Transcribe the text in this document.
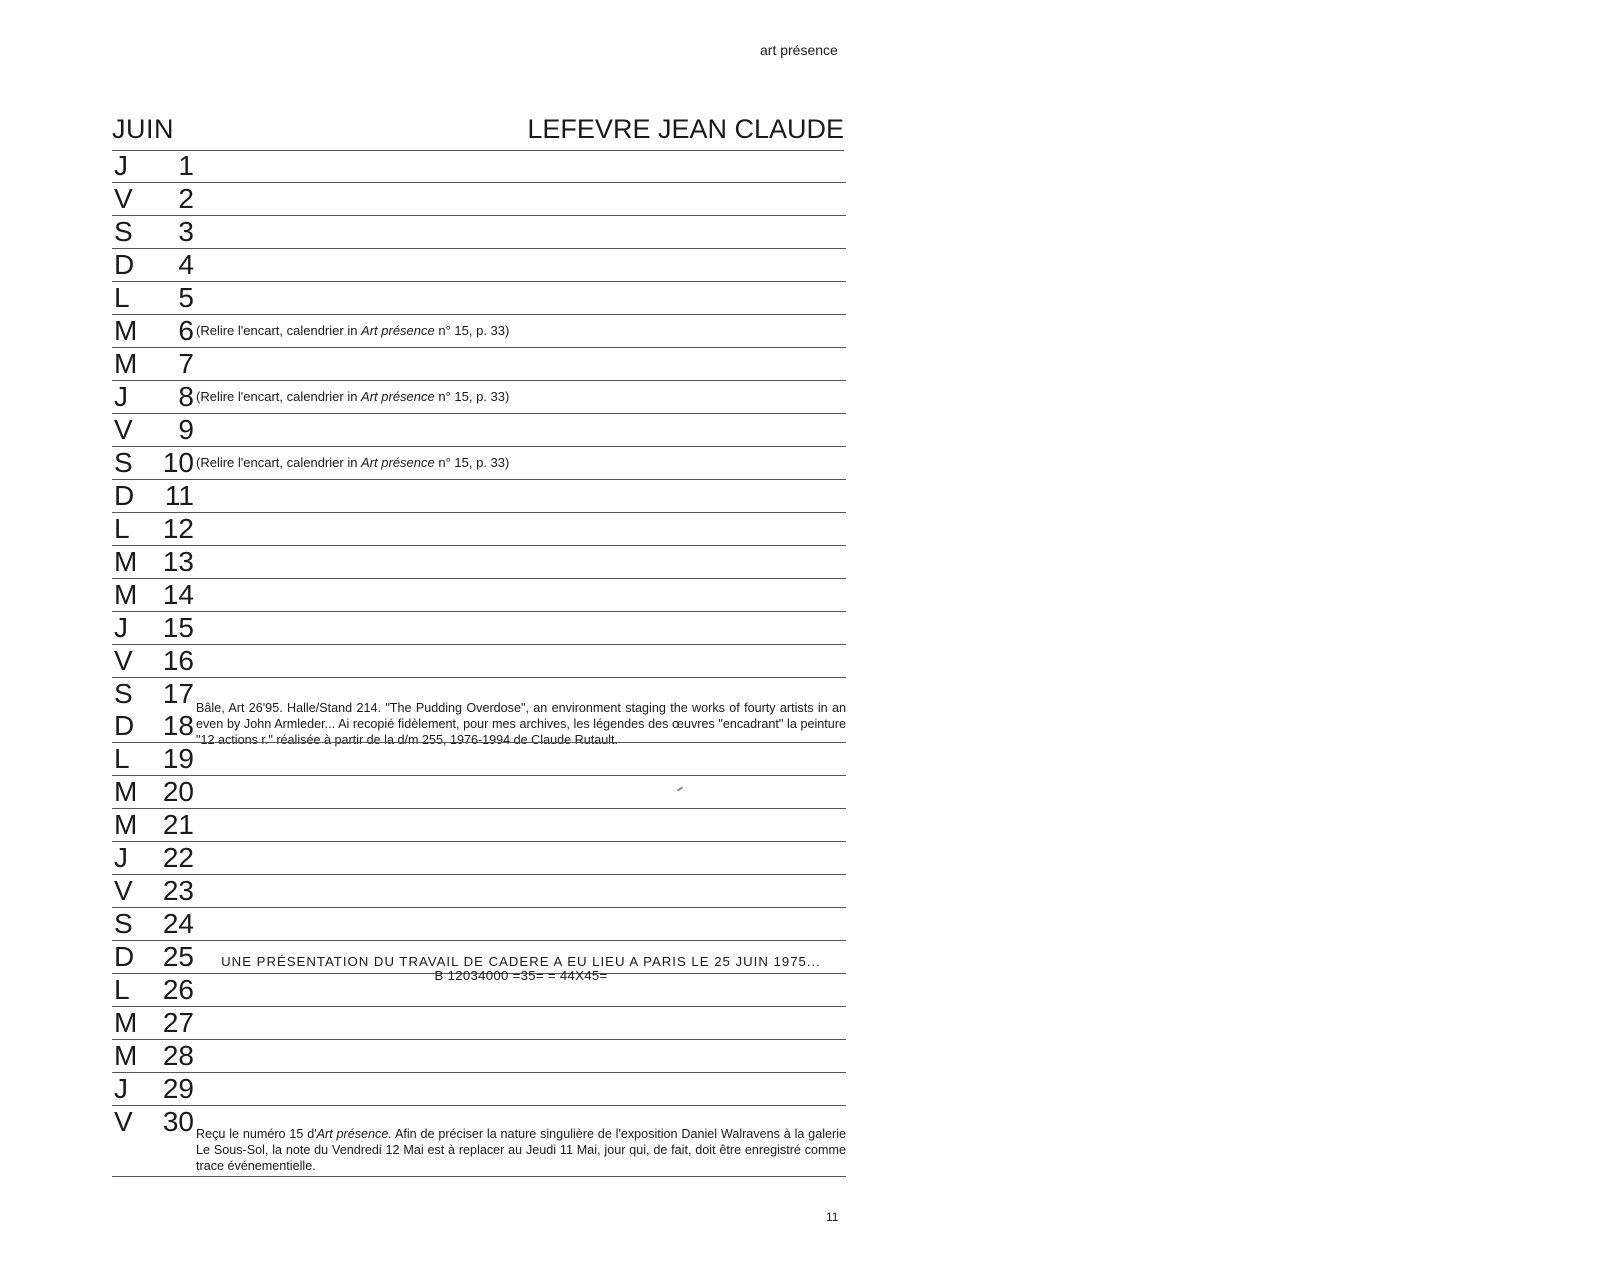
art présence
JUIN	LEFEVRE JEAN CLAUDE
J	1
V	2
S	3
D	4
L	5
M	6 (Relire l'encart, calendrier in Art présence n° 15, p. 33)
M	7
J	8 (Relire l'encart, calendrier in Art présence n° 15, p. 33)
V	9
S	10 (Relire l'encart, calendrier in Art présence n° 15, p. 33)
D	11
L	12
M 13
M 14
J	15
V	16
S	17 Bâle, Art 26'95. Halle/Stand 214. "The Pudding Overdose", an environment staging the works of fourty artists in an even by John Armleder... Ai recopié fidèlement, pour mes archives, les légendes des œuvres "encadrant" la peinture "12 actions r." réalisée à partir de la d/m 255, 1976-1994 de Claude Rutault.
D	18
L	19
M 20
M 21
J	22
V	23
S	24
D	25	UNE PRÉSENTATION DU TRAVAIL DE CADERE A EU LIEU A PARIS LE 25 JUIN 1975...
B 12034000 =35= = 44X45=
L	26
M 27
M 28
J	29
V	30 Reçu le numéro 15 d'Art présence. Afin de préciser la nature singulière de l'exposition Daniel Walravens à la galerie Le Sous-Sol, la note du Vendredi 12 Mai est à replacer au Jeudi 11 Mai, jour qui, de fait, doit être enregistré comme trace événementielle.
11
